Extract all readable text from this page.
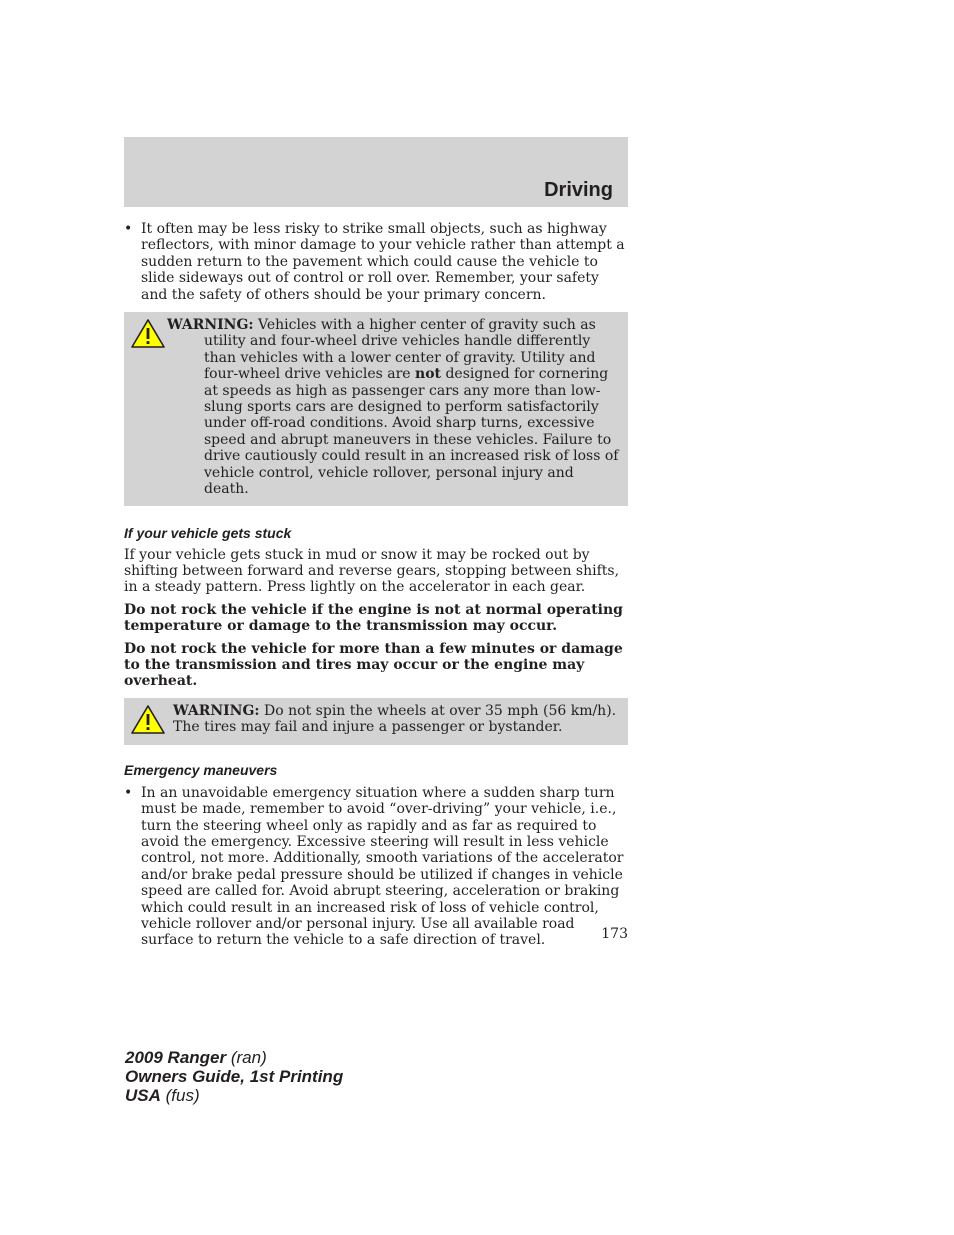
Driving
• It often may be less risky to strike small objects, such as highway reflectors, with minor damage to your vehicle rather than attempt a sudden return to the pavement which could cause the vehicle to slide sideways out of control or roll over. Remember, your safety and the safety of others should be your primary concern.

WARNING: Vehicles with a higher center of gravity such as utility and four-wheel drive vehicles handle differently than vehicles with a lower center of gravity. Utility and four-wheel drive vehicles are not designed for cornering at speeds as high as passenger cars any more than low-slung sports cars are designed to perform satisfactorily under off-road conditions. Avoid sharp turns, excessive speed and abrupt maneuvers in these vehicles. Failure to drive cautiously could result in an increased risk of loss of vehicle control, vehicle rollover, personal injury and death.

If your vehicle gets stuck

If your vehicle gets stuck in mud or snow it may be rocked out by shifting between forward and reverse gears, stopping between shifts, in a steady pattern. Press lightly on the accelerator in each gear.

Do not rock the vehicle if the engine is not at normal operating temperature or damage to the transmission may occur.

Do not rock the vehicle for more than a few minutes or damage to the transmission and tires may occur or the engine may overheat.

WARNING: Do not spin the wheels at over 35 mph (56 km/h). The tires may fail and injure a passenger or bystander.

Emergency maneuvers
• In an unavoidable emergency situation where a sudden sharp turn must be made, remember to avoid “over-driving” your vehicle, i.e., turn the steering wheel only as rapidly and as far as required to avoid the emergency. Excessive steering will result in less vehicle control, not more. Additionally, smooth variations of the accelerator and/or brake pedal pressure should be utilized if changes in vehicle speed are called for. Avoid abrupt steering, acceleration or braking which could result in an increased risk of loss of vehicle control, vehicle rollover and/or personal injury. Use all available road surface to return the vehicle to a safe direction of travel.	173
2009 Ranger (ran)
Owners Guide, 1st Printing
USA (fus)
